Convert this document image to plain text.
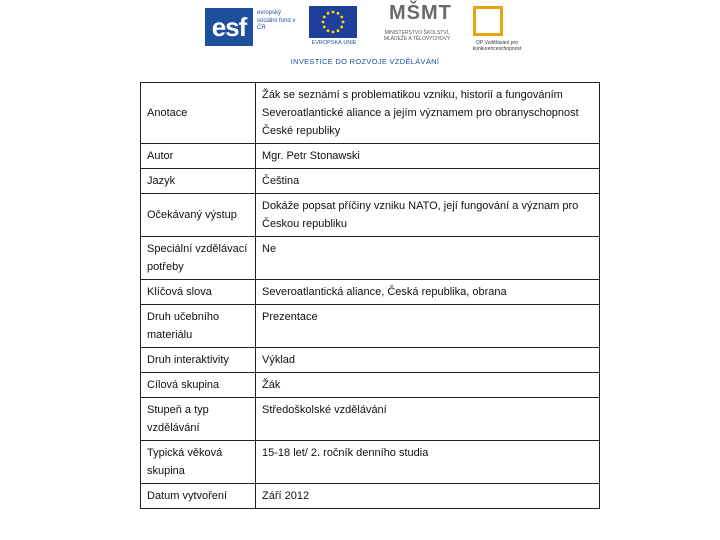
esf	evropský sociální fond v ČR
EVROPSKÁ UNIE
MŠMT
MINISTERSTVO ŠKOLSTVÍ, MLÁDEŽE A TĚLOVÝCHOVY
OP Vzdělávání pro konkurenceschopnost
INVESTICE DO ROZVOJE VZDĚLÁVÁNÍ
Anotace	Žák se seznámí s problematikou vzniku, historií a fungováním Severoatlantické aliance a jejím významem pro obranyschopnost České republiky
Autor	Mgr. Petr Stonawski
Jazyk	Čeština
Očekávaný výstup	Dokáže popsat příčiny vzniku NATO, její fungování a význam pro Českou republiku
Speciální vzdělávací potřeby	Ne
Klíčová slova	Severoatlantická aliance, Česká republika, obrana
Druh učebního materiálu	Prezentace
Druh interaktivity	Výklad
Cílová skupina	Žák
Stupeň a typ vzdělávání	Středoškolské vzdělávání
Typická věková skupina	15-18 let/ 2. ročník denního studia
Datum vytvoření	Září 2012
